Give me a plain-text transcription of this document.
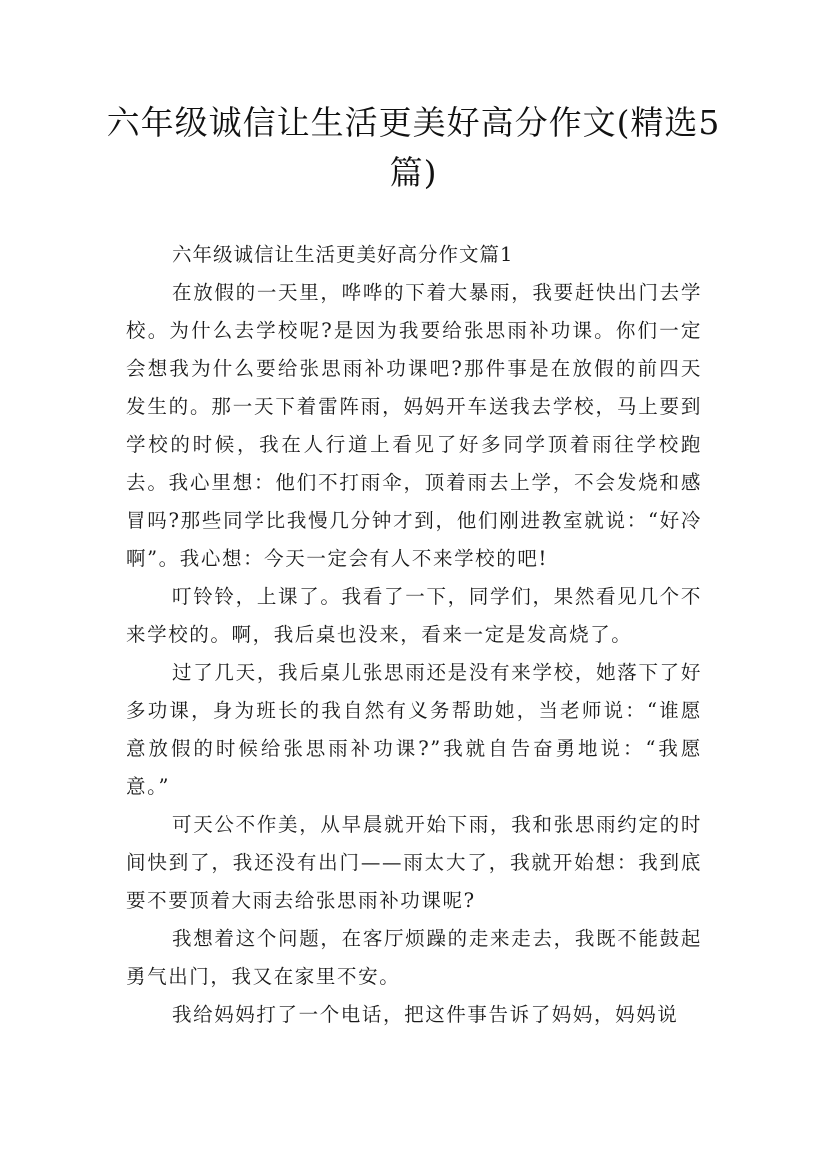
六年级诚信让生活更美好高分作文(精选5篇)

六年级诚信让生活更美好高分作文篇1

在放假的一天里，哗哗的下着大暴雨，我要赶快出门去学校。为什么去学校呢?是因为我要给张思雨补功课。你们一定会想我为什么要给张思雨补功课吧?那件事是在放假的前四天发生的。那一天下着雷阵雨，妈妈开车送我去学校，马上要到学校的时候，我在人行道上看见了好多同学顶着雨往学校跑去。我心里想：他们不打雨伞，顶着雨去上学，不会发烧和感冒吗?那些同学比我慢几分钟才到，他们刚进教室就说：“好冷啊”。我心想：今天一定会有人不来学校的吧!

叮铃铃，上课了。我看了一下，同学们，果然看见几个不来学校的。啊，我后桌也没来，看来一定是发高烧了。

过了几天，我后桌儿张思雨还是没有来学校，她落下了好多功课，身为班长的我自然有义务帮助她，当老师说：“谁愿意放假的时候给张思雨补功课?”我就自告奋勇地说：“我愿意。”

可天公不作美，从早晨就开始下雨，我和张思雨约定的时间快到了，我还没有出门——雨太大了，我就开始想：我到底要不要顶着大雨去给张思雨补功课呢?

我想着这个问题，在客厅烦躁的走来走去，我既不能鼓起勇气出门，我又在家里不安。

我给妈妈打了一个电话，把这件事告诉了妈妈，妈妈说
